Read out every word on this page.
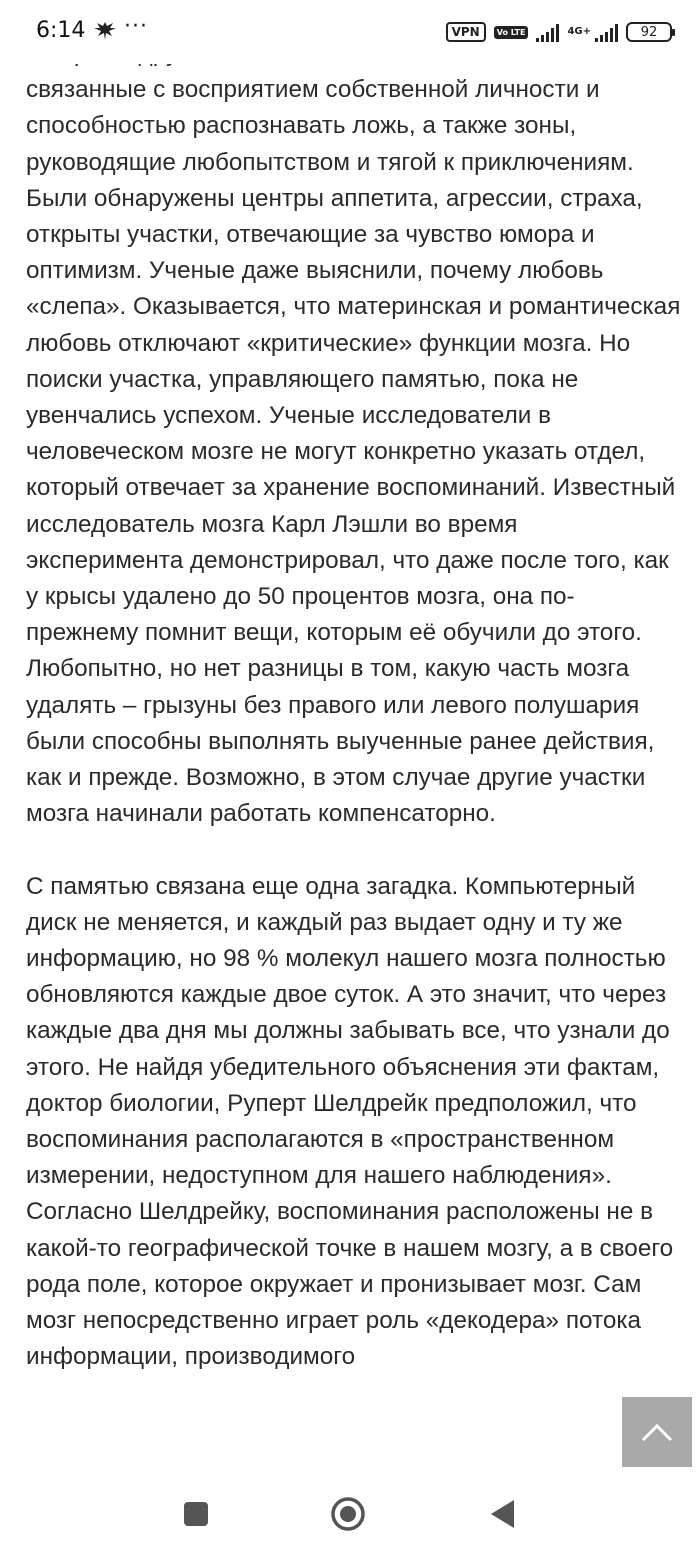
6:14 ···	VPN	Vo LTE	4G+	92

связанные с восприятием собственной личности и способностью распознавать ложь, а также зоны, руководящие любопытством и тягой к приключениям. Были обнаружены центры аппетита, агрессии, страха, открыты участки, отвечающие за чувство юмора и оптимизм. Ученые даже выяснили, почему любовь «слепа». Оказывается, что материнская и романтическая любовь отключают «критические» функции мозга. Но поиски участка, управляющего памятью, пока не увенчались успехом. Ученые исследователи в человеческом мозге не могут конкретно указать отдел, который отвечает за хранение воспоминаний. Известный исследователь мозга Карл Лэшли во время эксперимента демонстрировал, что даже после того, как у крысы удалено до 50 процентов мозга, она по-прежнему помнит вещи, которым её обучили до этого. Любопытно, но нет разницы в том, какую часть мозга удалять – грызуны без правого или левого полушария были способны выполнять выученные ранее действия, как и прежде. Возможно, в этом случае другие участки мозга начинали работать компенсаторно.

С памятью связана еще одна загадка. Компьютерный диск не меняется, и каждый раз выдает одну и ту же информацию, но 98 % молекул нашего мозга полностью обновляются каждые двое суток. А это значит, что через каждые два дня мы должны забывать все, что узнали до этого. Не найдя убедительного объяснения эти фактам, доктор биологии, Руперт Шелдрейк предположил, что воспоминания располагаются в «пространственном измерении, недоступном для нашего наблюдения». Согласно Шелдрейку, воспоминания расположены не в какой-то географической точке в нашем мозгу, а в своего рода поле, которое окружает и пронизывает мозг. Сам мозг непосредственно играет роль «декодера» потока информации, производимого
